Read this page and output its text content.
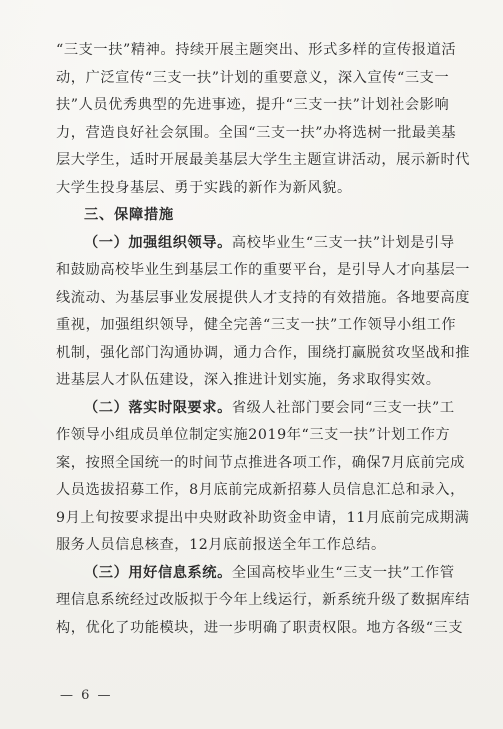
“三支一扶”精神。持续开展主题突出、形式多样的宣传报道活
动，广泛宣传“三支一扶”计划的重要意义，深入宣传“三支一
扶”人员优秀典型的先进事迹，提升“三支一扶”计划社会影响
力，营造良好社会氛围。全国“三支一扶”办将选树一批最美基
层大学生，适时开展最美基层大学生主题宣讲活动，展示新时代
大学生投身基层、勇于实践的新作为新风貌。

三、保障措施

（一）加强组织领导。高校毕业生“三支一扶”计划是引导
和鼓励高校毕业生到基层工作的重要平台，是引导人才向基层一
线流动、为基层事业发展提供人才支持的有效措施。各地要高度
重视，加强组织领导，健全完善“三支一扶”工作领导小组工作
机制，强化部门沟通协调，通力合作，围绕打赢脱贫攻坚战和推
进基层人才队伍建设，深入推进计划实施，务求取得实效。

（二）落实时限要求。省级人社部门要会同“三支一扶”工
作领导小组成员单位制定实施2019年“三支一扶”计划工作方
案，按照全国统一的时间节点推进各项工作，确保7月底前完成
人员选拔招募工作，8月底前完成新招募人员信息汇总和录入，
9月上旬按要求提出中央财政补助资金申请，11月底前完成期满
服务人员信息核查，12月底前报送全年工作总结。

（三）用好信息系统。全国高校毕业生“三支一扶”工作管
理信息系统经过改版拟于今年上线运行，新系统升级了数据库结
构，优化了功能模块，进一步明确了职责权限。地方各级“三支

— 6 —
